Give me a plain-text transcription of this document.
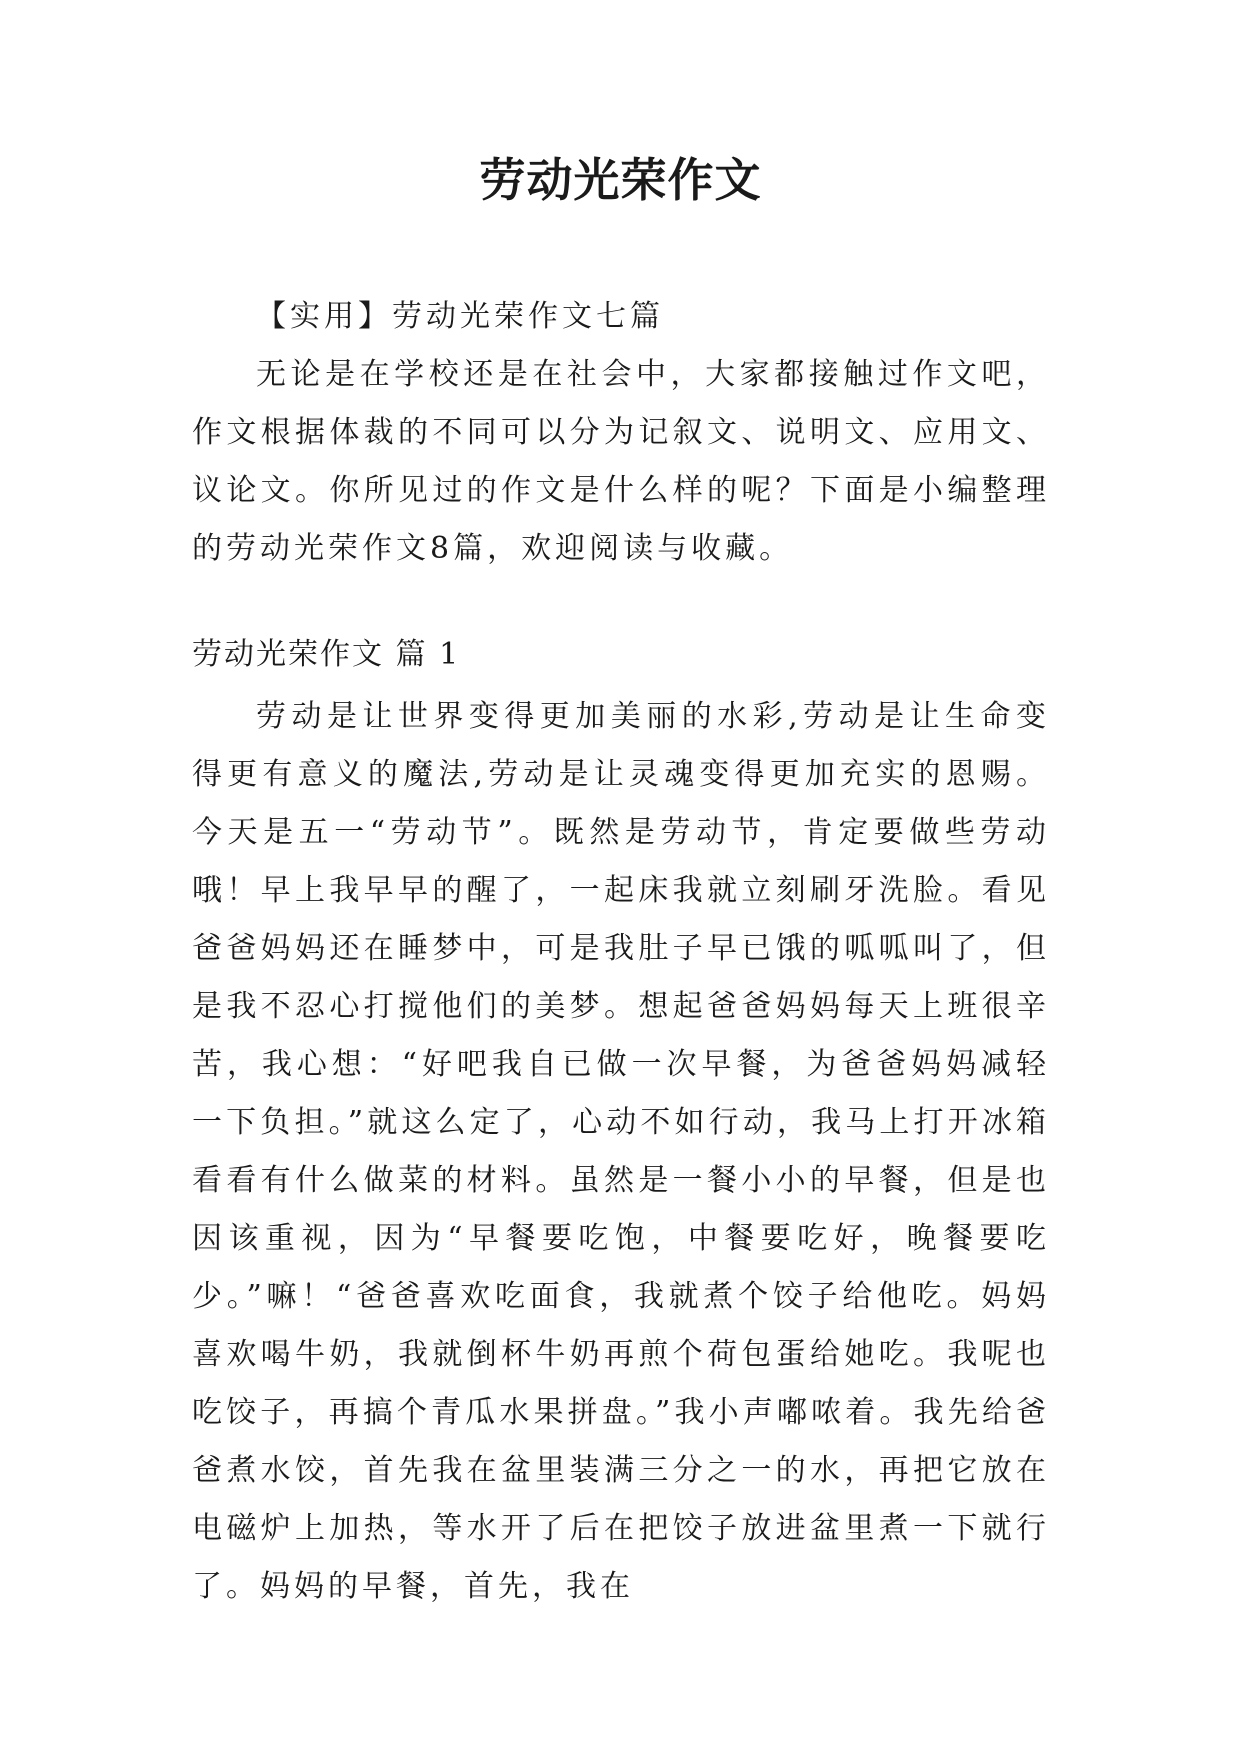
劳动光荣作文

【实用】劳动光荣作文七篇

无论是在学校还是在社会中，大家都接触过作文吧，作文根据体裁的不同可以分为记叙文、说明文、应用文、议论文。你所见过的作文是什么样的呢？下面是小编整理的劳动光荣作文8篇，欢迎阅读与收藏。

劳动光荣作文 篇 1

劳动是让世界变得更加美丽的水彩,劳动是让生命变得更有意义的魔法,劳动是让灵魂变得更加充实的恩赐。今天是五一“劳动节”。既然是劳动节，肯定要做些劳动哦！早上我早早的醒了，一起床我就立刻刷牙洗脸。看见爸爸妈妈还在睡梦中，可是我肚子早已饿的呱呱叫了，但是我不忍心打搅他们的美梦。想起爸爸妈妈每天上班很辛苦，我心想：“好吧我自已做一次早餐，为爸爸妈妈减轻一下负担。”就这么定了，心动不如行动，我马上打开冰箱看看有什么做菜的材料。虽然是一餐小小的早餐，但是也因该重视，因为“早餐要吃饱，中餐要吃好，晚餐要吃少。”嘛！“爸爸喜欢吃面食，我就煮个饺子给他吃。妈妈喜欢喝牛奶，我就倒杯牛奶再煎个荷包蛋给她吃。我呢也吃饺子，再搞个青瓜水果拼盘。”我小声嘟哝着。我先给爸爸煮水饺，首先我在盆里装满三分之一的水，再把它放在电磁炉上加热，等水开了后在把饺子放进盆里煮一下就行了。妈妈的早餐，首先，我在
